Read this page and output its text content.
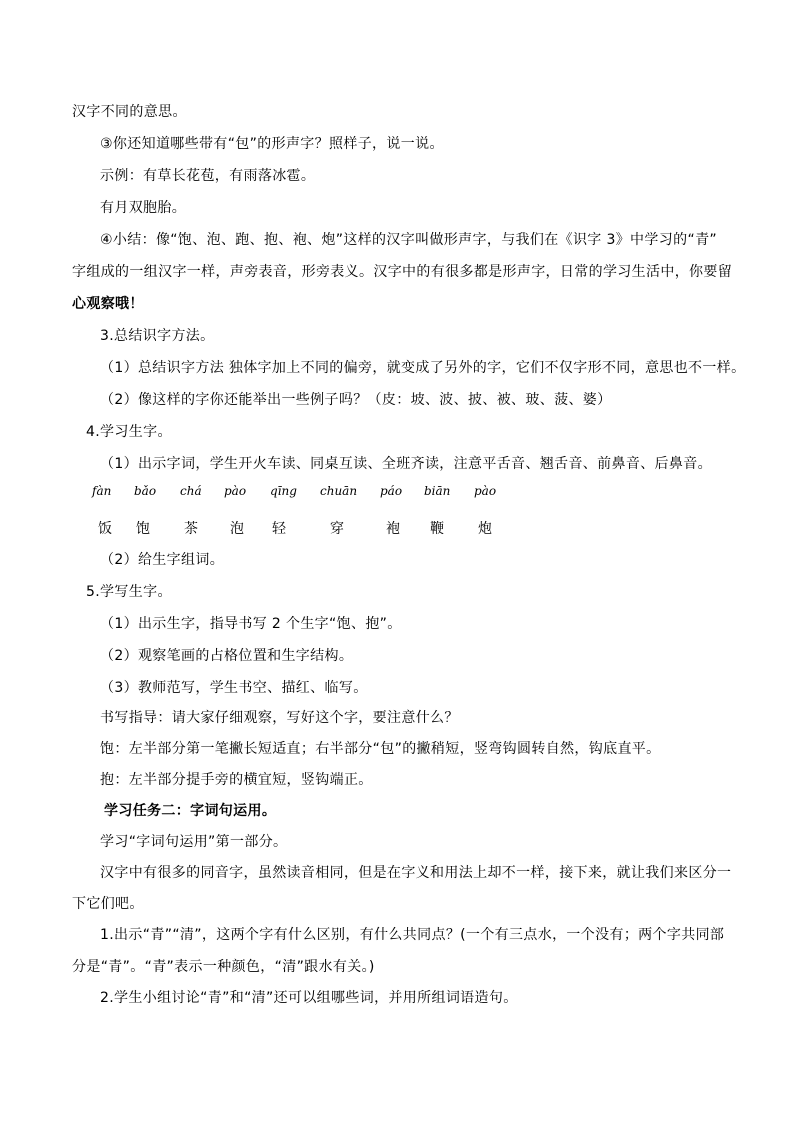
汉字不同的意思。
③你还知道哪些带有“包”的形声字？照样子，说一说。
示例：有草长花苞，有雨落冰雹。
有月双胞胎。
④小结：像“饱、泡、跑、抱、袍、炮”这样的汉字叫做形声字，与我们在《识字 3》中学习的“青”
字组成的一组汉字一样，声旁表音，形旁表义。汉字中的有很多都是形声字，日常的学习生活中，你要留
心观察哦！
3.总结识字方法。
（1）总结识字方法 独体字加上不同的偏旁，就变成了另外的字，它们不仅字形不同，意思也不一样。
（2）像这样的字你还能举出一些例子吗？（皮：坡、波、披、被、玻、菠、婆）
4.学习生字。
（1）出示字词，学生开火车读、同桌互读、全班齐读，注意平舌音、翘舌音、前鼻音、后鼻音。
fàn bǎo chá pào qīng chuān páo biān pào
饭 饱 茶 泡 轻	穿	袍 鞭 炮
（2）给生字组词。
5.学写生字。
（1）出示生字，指导书写 2 个生字“饱、抱”。
（2）观察笔画的占格位置和生字结构。
（3）教师范写，学生书空、描红、临写。
书写指导：请大家仔细观察，写好这个字，要注意什么？
饱：左半部分第一笔撇长短适直；右半部分“包”的撇稍短，竖弯钩圆转自然，钩底直平。
抱：左半部分提手旁的横宜短，竖钩端正。
学习任务二：字词句运用。
学习“字词句运用”第一部分。
汉字中有很多的同音字，虽然读音相同，但是在字义和用法上却不一样，接下来，就让我们来区分一
下它们吧。
1.出示“青”“清”，这两个字有什么区别，有什么共同点？(一个有三点水，一个没有；两个字共同部
分是“青”。“青”表示一种颜色，“清”跟水有关。)
2.学生小组讨论“青”和“清”还可以组哪些词，并用所组词语造句。
